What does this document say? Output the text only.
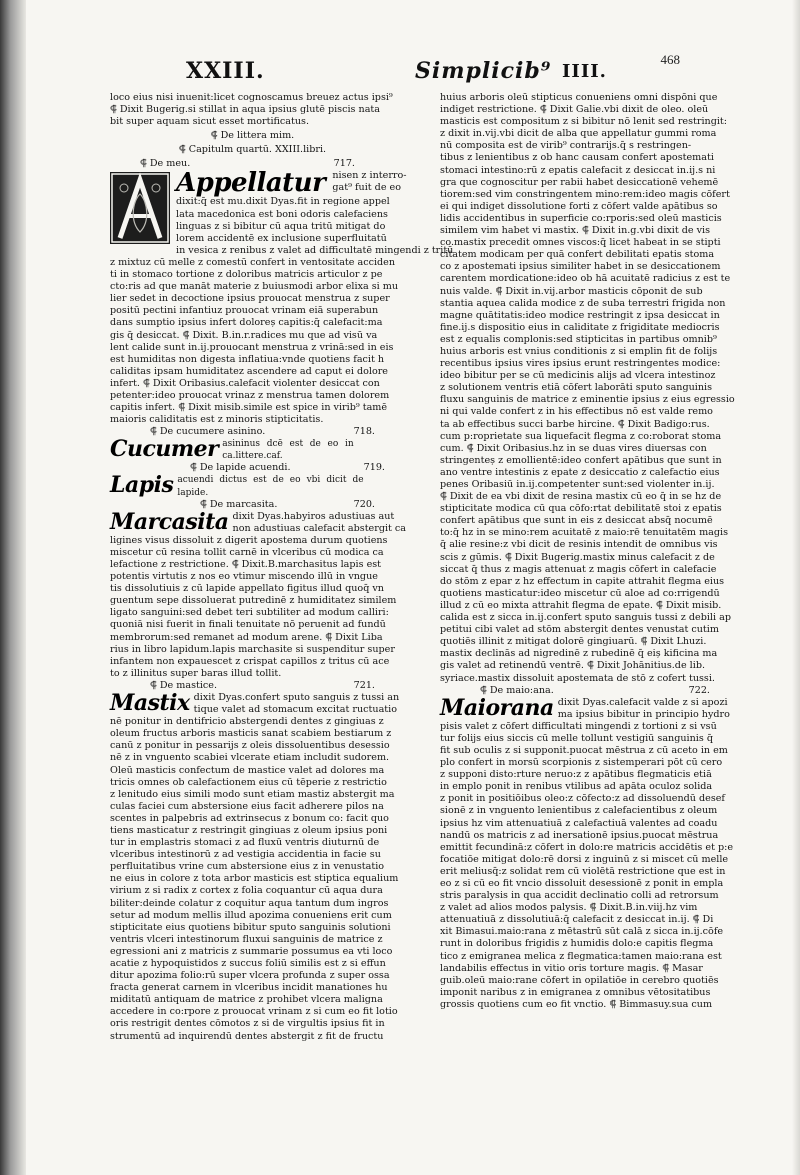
XXIII.	Simplicib⁹ IIII.
468
loco eius nisi inuenit:licet cognoscamus breuez actus ipsi⁹
⸿ Dixit Bugerig.si stillat in aqua ipsius glutē piscis nata
bit super aquam sicut esset mortificatus.
⸿ De littera mim.
⸿ Capitulm quartū. XXIII.libri.
⸿ De meu.	717.
Appellatur nisen z interro-
gat⁹ fuit de eo
dixit:q̄ est mu.dixit Dyas.fit in regione appel
lata macedonica est boni odoris calefaciens
linguas z si bibitur cū aqua tritū mitigat do
lorem accidentē ex inclusione superfluitatū
in vesica z renibus z valet ad difficultatē mingendi z tritū
z mixtuz cū melle z comestū confert in ventositate acciden
ti in stomaco tortione z doloribus matricis articulor z pe
cto:ris ad que manāt materie z buiusmodi arbor elixa si mu
lier sedet in decoctione ipsius prouocat menstrua z super
positū pectini infantiuz prouocat vrinam eiā superabun
dans sumptio ipsius infert doloreș capitis:q̄ calefacit:ma
gis q̄ desiccat. ⸿ Dixit. B.in.r.radices mu que ad visū va
lent calide sunt in.ij.prouocant menstrua z vrinā:sed in eis
est humiditas non digesta inflatiua:vnde quotiens facit h
caliditas ipsam humiditatez ascendere ad caput ei dolore
infert. ⸿ Dixit Oribasius.calefacit violenter desiccat con
petenter:ideo prouocat vrinaz z menstrua tamen dolorem
capitis infert. ⸿ Dixit misib.simile est spice in virib⁹ tamē
maioris caliditatis est z minoris stipticitatis.
⸿ De cucumere asinino.	718.
Cucumer asininus dcē est de eo in ca.littere.caf.
⸿ De lapide acuendi.	719.
Lapis acuendi dictus est de eo vbi dicit de lapide.
⸿ De marcasita.	720.
Marcasita dixit Dyas.habyiros adustiuas aut
non adustiuas calefacit abstergit ca
ligines visus dissoluit z digerit apostema durum quotiens
miscetur cū resina tollit carnē in vlceribus cū modica ca
lefactione z restrictione. ⸿ Dixit.B.marchasitus lapis est
potentis virtutis z nos eo vtimur miscendo illū in vngue
tis dissolutiuis z cū lapide appellato figitus illud quoq̄ vn
guentum sepe dissoluerat putredinē z humiditatez similem
ligato sanguini:sed debet teri subtiliter ad modum calliri:
quoniā nisi fuerit in finali tenuitate nō peruenit ad fundū
membrorum:sed remanet ad modum arene. ⸿ Dixit Liba
rius in libro lapidum.lapis marchasite si suspenditur super
infantem non expauescet z crispat capillos z tritus cū ace
to z illinitus super baras illud tollit.
⸿ De mastice.	721.
Mastix dixit Dyas.confert sputo sanguis z tussi an
tique valet ad stomacum excitat ructuatio
nē ponitur in dentifricio abstergendi dentes z gingiuas z
oleum fructus arboris masticis sanat scabiem bestiarum z
canū z ponitur in pessarijs z oleis dissoluentibus desessio
nē z in vnguento scabiei vlcerate etiam includit sudorem.
Oleū masticis confectum de mastice valet ad dolores ma
tricis omnes ob calefactionem eius cū tēperie z restrictio
z lenitudo eius simili modo sunt etiam mastiz abstergit ma
culas faciei cum abstersione eius facit adherere pilos na
scentes in palpebris ad extrinsecus z bonum co: facit quo
tiens masticatur z restringit gingiuas z oleum ipsius poni
tur in emplastris stomaci z ad fluxū ventris diuturnū de
vlceribus intestinorū z ad vestigia accidentia in facie su
perfluitatibus vrine cum abstersione eius z in venustatio
ne eius in colore z tota arbor masticis est stiptica equalium
virium z si radix z cortex z folia coquantur cū aqua dura
biliter:deinde colatur z coquitur aqua tantum dum ingros
setur ad modum mellis illud apozima conueniens erit cum
stipticitate eius quotiens bibitur sputo sanguinis solutioni
ventris vlceri intestinorum fluxui sanguinis de matrice z
egressioni ani z matricis z summarie possumus ea vti loco
acatie z hypoquistidos z succus foliū similis est z si effun
ditur apozima folio:rū super vlcera profunda z super ossa
fracta generat carnem in vlceribus incidit manationes hu
miditatū antiquam de matrice z prohibet vlcera maligna
accedere in co:rpore z prouocat vrinam z si cum eo fit lotio
oris restrigit dentes cōmotos z si de virgultis ipsius fit in
strumentū ad inquirendū dentes abstergit z fit de fructu
huius arboris oleū stipticus conueniens omni dispōni que
indiget restrictione. ⸿ Dixit Galie.vbi dixit de oleo. oleū
masticis est compositum z si bibitur nō lenit sed restringit:
z dixit in.vij.vbi dicit de alba que appellatur gummi roma
nū composita est de virib⁹ contrarijs.q̄ s restringen-
tibus z lenientibus z ob hanc causam confert apostemati
stomaci intestino:rū z epatis calefacit z desiccat in.ij.s ni
gra que cognoscitur per rabii habet desiccationē vehemē
tiorem:sed vim constringentem mino:rem:ideo magis cōfert
ei qui indiget dissolutione forti z cōfert valde apātibus so
lidis accidentibus in superficie co:rporis:sed oleū masticis
similem vim habet vi mastix. ⸿ Dixit in.g.vbi dixit de vis
co.mastix precedit omnes viscos:q̄ licet habeat in se stipti
citatem modicam per quā confert debilitati epatis stoma
co z apostemati ipsius similiter habet in se desiccationem
carentem mordicatione:ideo ob hā acuitatē radicius z est te
nuis valde. ⸿ Dixit in.vij.arbor masticis cōponit de sub
stantia aquea calida modice z de suba terrestri frigida non
magne quātitatis:ideo modice restringit z ipsa desiccat in
fine.ij.s dispositio eius in caliditate z frigiditate mediocris
est z equalis complonis:sed stipticitas in partibus omnib⁹
huius arboris est vnius conditionis z si emplin fit de folijs
recentibus ipsius vires ipsius erunt restringentes modice:
ideo bibitur per se cū medicinis alijs ad vlcera intestinoz
z solutionem ventris etiā cōfert laborāti sputo sanguinis
fluxu sanguinis de matrice z eminentie ipsius z eius egressio
ni qui valde confert z in his effectibus nō est valde remo
ta ab effectibus succi barbe hircine. ⸿ Dixit Badigo:rus.
cum p:roprietate sua liquefacit flegma z co:roborat stoma
cum. ⸿ Dixit Oribasius.hz in se duas vires diuersas con
stringenteș z emollientē:ideo confert apātibus que sunt in
ano ventre intestinis z epate z desiccatio z calefactio eius
penes Oribasiū in.ij.competenter sunt:sed violenter in.ij.
⸿ Dixit de ea vbi dixit de resina mastix cū eo q̄ in se hz de
stipticitate modica cū qua cōfo:rtat debilitatē stoi z epatis
confert apātibus que sunt in eis z desiccat absq̄ nocumē
to:q̄ hz in se mino:rem acuitatē z maio:rē tenuitatēm magis
q̄ alie resine:z vbi dicit de resinis intendit de omnibus vis
scis z gūmis. ⸿ Dixit Bugerig.mastix minus calefacit z de
siccat q̄ thus z magis attenuat z magis cōfert in calefacie
do stōm z epar z hz effectum in capite attrahit flegma eius
quotiens masticatur:ideo miscetur cū aloe ad co:rrigendū
illud z cū eo mixta attrahit flegma de epate. ⸿ Dixit misib.
calida est z sicca in.ij.confert sputo sanguis tussi z debili ap
petitui cibi valet ad stōm abstergit dentes venustat cutim
quotiēs illinit z mitigat dolorē gingiuarū. ⸿ Dixit Lhuzi.
mastix declinās ad nigredinē z rubedinē q̄ eiș kificina ma
gis valet ad retinendū ventrē. ⸿ Dixit Johānitius.de lib.
syriace.mastix dissoluit apostemata de stō z cofert tussi.
⸿ De maio:ana.	722.
Maiorana dixit Dyas.calefacit valde z si apozi
ma ipsius bibitur in principio hydro
pisis valet z cōfert difficultati mingendi z tortioni z si vsū
tur folijs eius siccis cū melle tollunt vestigiū sanguinis q̄
fit sub oculis z si supponit.puocat mēstrua z cū aceto in em
plo confert in morsū scorpionis z sistemperari pōt cū cero
z supponi disto:rture neruo:z z apātibus flegmaticis etiā
in emplo ponit in renibus vtilibus ad apāta oculoz solida
z ponit in positiōibus oleo:z cōfecto:z ad dissoluendū desef
sionē z in vnguento lenientibus z calefacientibus z oleum
ipsius hz vim attenuatiuā z calefactiuā valentes ad coadu
nandū os matricis z ad inersationē ipsius.puocat mēstrua
emittit fecundinā:z cōfert in dolo:re matricis accidētis et p:e
focatiōe mitigat dolo:rē dorsi z inguinū z si miscet cū melle
erit meliusq̄:z solidat rem cū violētā restrictione que est in
eo z si cū eo fit vncio dissoluit desessionē z ponit in empla
stris paralysis in qua accidit declinatio colli ad retrorsum
z valet ad alios modos palysis. ⸿ Dixit.B.in.viij.hz vim
attenuatiuā z dissolutiuā:q̄ calefacit z desiccat in.ij. ⸿ Di
xit Bimasui.maio:rana z mētastrū sūt calā z sicca in.ij.cōfe
runt in doloribus frigidis z humidis dolo:e capitis flegma
tico z emigranea melica z flegmatica:tamen maio:rana est
landabilis effectus in vitio oris torture magis. ⸿ Masar
guib.oleū maio:rane cōfert in opilatiōe in cerebro quotiēs
imponit naribus z in emigranea z omnibus vētositatibus
grossis quotiens cum eo fit vnctio. ⸿ Bimmasuy.sua cum
